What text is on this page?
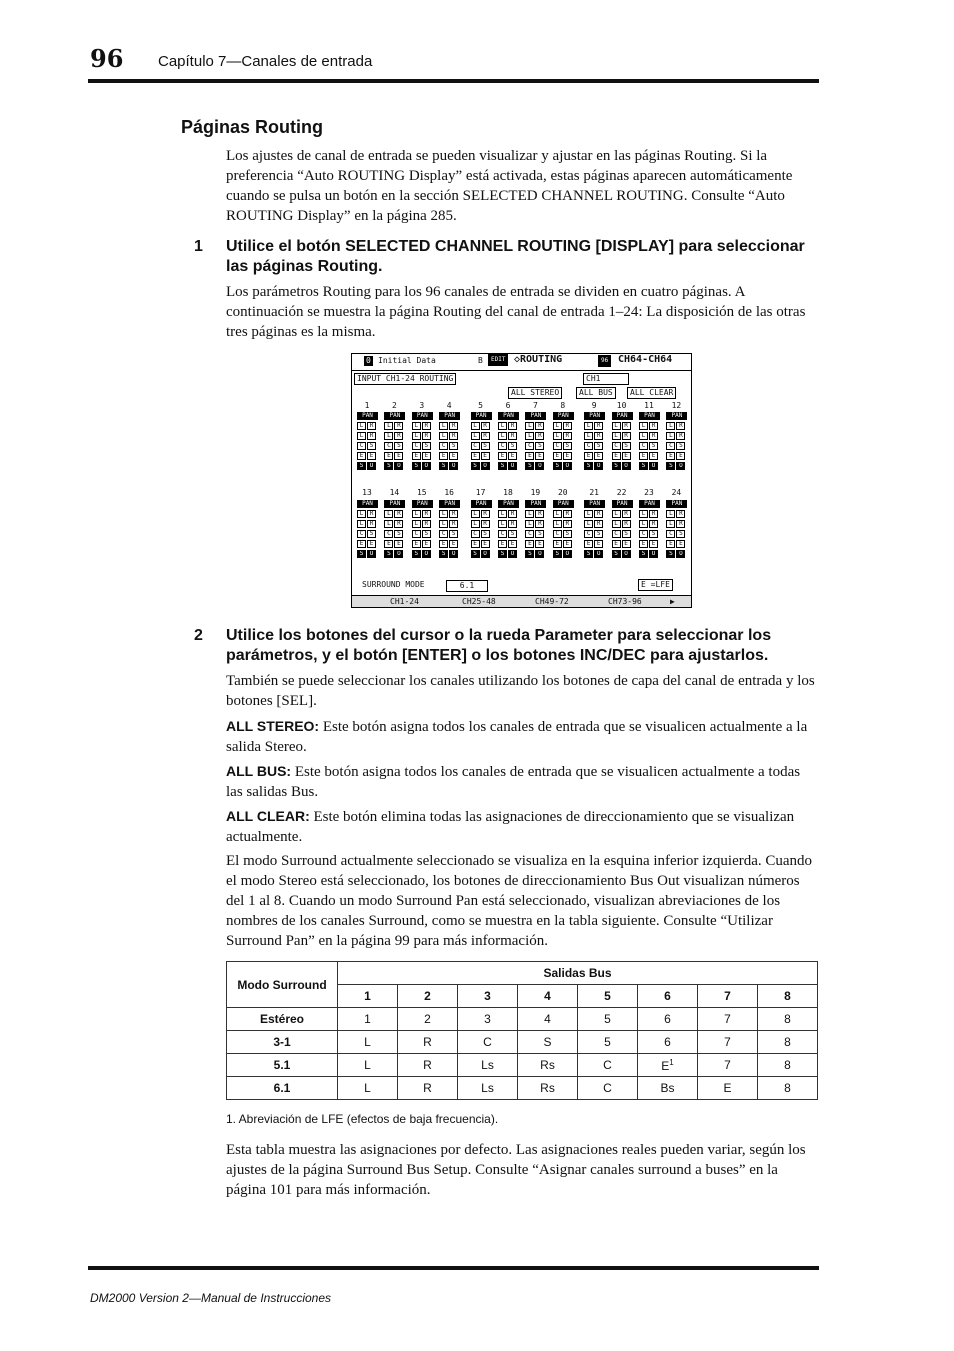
96 Capítulo 7—Canales de entrada
Páginas Routing
Los ajustes de canal de entrada se pueden visualizar y ajustar en las páginas Routing. Si la preferencia “Auto ROUTING Display” está activada, estas páginas aparecen automáticamente cuando se pulsa un botón en la sección SELECTED CHANNEL ROUTING. Consulte “Auto ROUTING Display” en la página 285.
1 Utilice el botón SELECTED CHANNEL ROUTING [DISPLAY] para seleccionar las páginas Routing.
Los parámetros Routing para los 96 canales de entrada se dividen en cuatro páginas. A continuación se muestra la página Routing del canal de entrada 1–24: La disposición de las otras tres páginas es la misma.
0 Initial Data	B	EDIT ◇ROUTING	96 CH64-CH64
INPUT CH1-24 ROUTING	CH1
ALL STEREO	ALL BUS	ALL CLEAR
1	2	3	4	5	6	7	8	9	10	11	12
PAN
L	R
L	R
C	S
E	E
S	O
PAN
L	R
L	R
C	S
E	E
S	O
PAN
L	R
L	R
C	S
E	E
S	O
PAN
L	R
L	R
C	S
E	E
S	O
PAN
L	R
L	R
C	S
E	E
S	O
PAN
L	R
L	R
C	S
E	E
S	O
PAN
L	R
L	R
C	S
E	E
S	O
PAN
L	R
L	R
C	S
E	E
S	O
PAN
L	R
L	R
C	S
E	E
S	O
PAN
L	R
L	R
C	S
E	E
S	O
PAN
L	R
L	R
C	S
E	E
S	O
PAN
L	R
L	R
C	S
E	E
S	O
13	14	15	16	17	18	19	20	21	22	23	24
PAN
L	R
L	R
C	S
E	E
S	O
PAN
L	R
L	R
C	S
E	E
S	O
PAN
L	R
L	R
C	S
E	E
S	O
PAN
L	R
L	R
C	S
E	E
S	O
PAN
L	R
L	R
C	S
E	E
S	O
PAN
L	R
L	R
C	S
E	E
S	O
PAN
L	R
L	R
C	S
E	E
S	O
PAN
L	R
L	R
C	S
E	E
S	O
PAN
L	R
L	R
C	S
E	E
S	O
PAN
L	R
L	R
C	S
E	E
S	O
PAN
L	R
L	R
C	S
E	E
S	O
PAN
L	R
L	R
C	S
E	E
S	O
SURROUND MODE	6.1	E =LFE
CH1-24	CH25-48	CH49-72	CH73-96	▶
2 Utilice los botones del cursor o la rueda Parameter para seleccionar los parámetros, y el botón [ENTER] o los botones INC/DEC para ajustarlos.
También se puede seleccionar los canales utilizando los botones de capa del canal de entrada y los botones [SEL].
ALL STEREO: Este botón asigna todos los canales de entrada que se visualicen actualmente a la salida Stereo.
ALL BUS: Este botón asigna todos los canales de entrada que se visualicen actualmente a todas las salidas Bus.
ALL CLEAR: Este botón elimina todas las asignaciones de direccionamiento que se visualizan actualmente.
El modo Surround actualmente seleccionado se visualiza en la esquina inferior izquierda. Cuando el modo Stereo está seleccionado, los botones de direccionamiento Bus Out visualizan números del 1 al 8. Cuando un modo Surround Pan está seleccionado, visualizan abreviaciones de los nombres de los canales Surround, como se muestra en la tabla siguiente. Consulte “Utilizar Surround Pan” en la página 99 para más información.
Modo Surround	Salidas Bus							
	1	2	3	4	5	6	7	8
Estéreo	1	2	3	4	5	6	7	8
3-1	L	R	C	S	5	6	7	8
5.1	L	R	Ls	Rs	C	$E^1$	7	8
6.1	L	R	Ls	Rs	C	Bs	E	8
1. Abreviación de LFE (efectos de baja frecuencia).
Esta tabla muestra las asignaciones por defecto. Las asignaciones reales pueden variar, según los ajustes de la página Surround Bus Setup. Consulte “Asignar canales surround a buses” en la página 101 para más información.
DM2000 Version 2—Manual de Instrucciones
